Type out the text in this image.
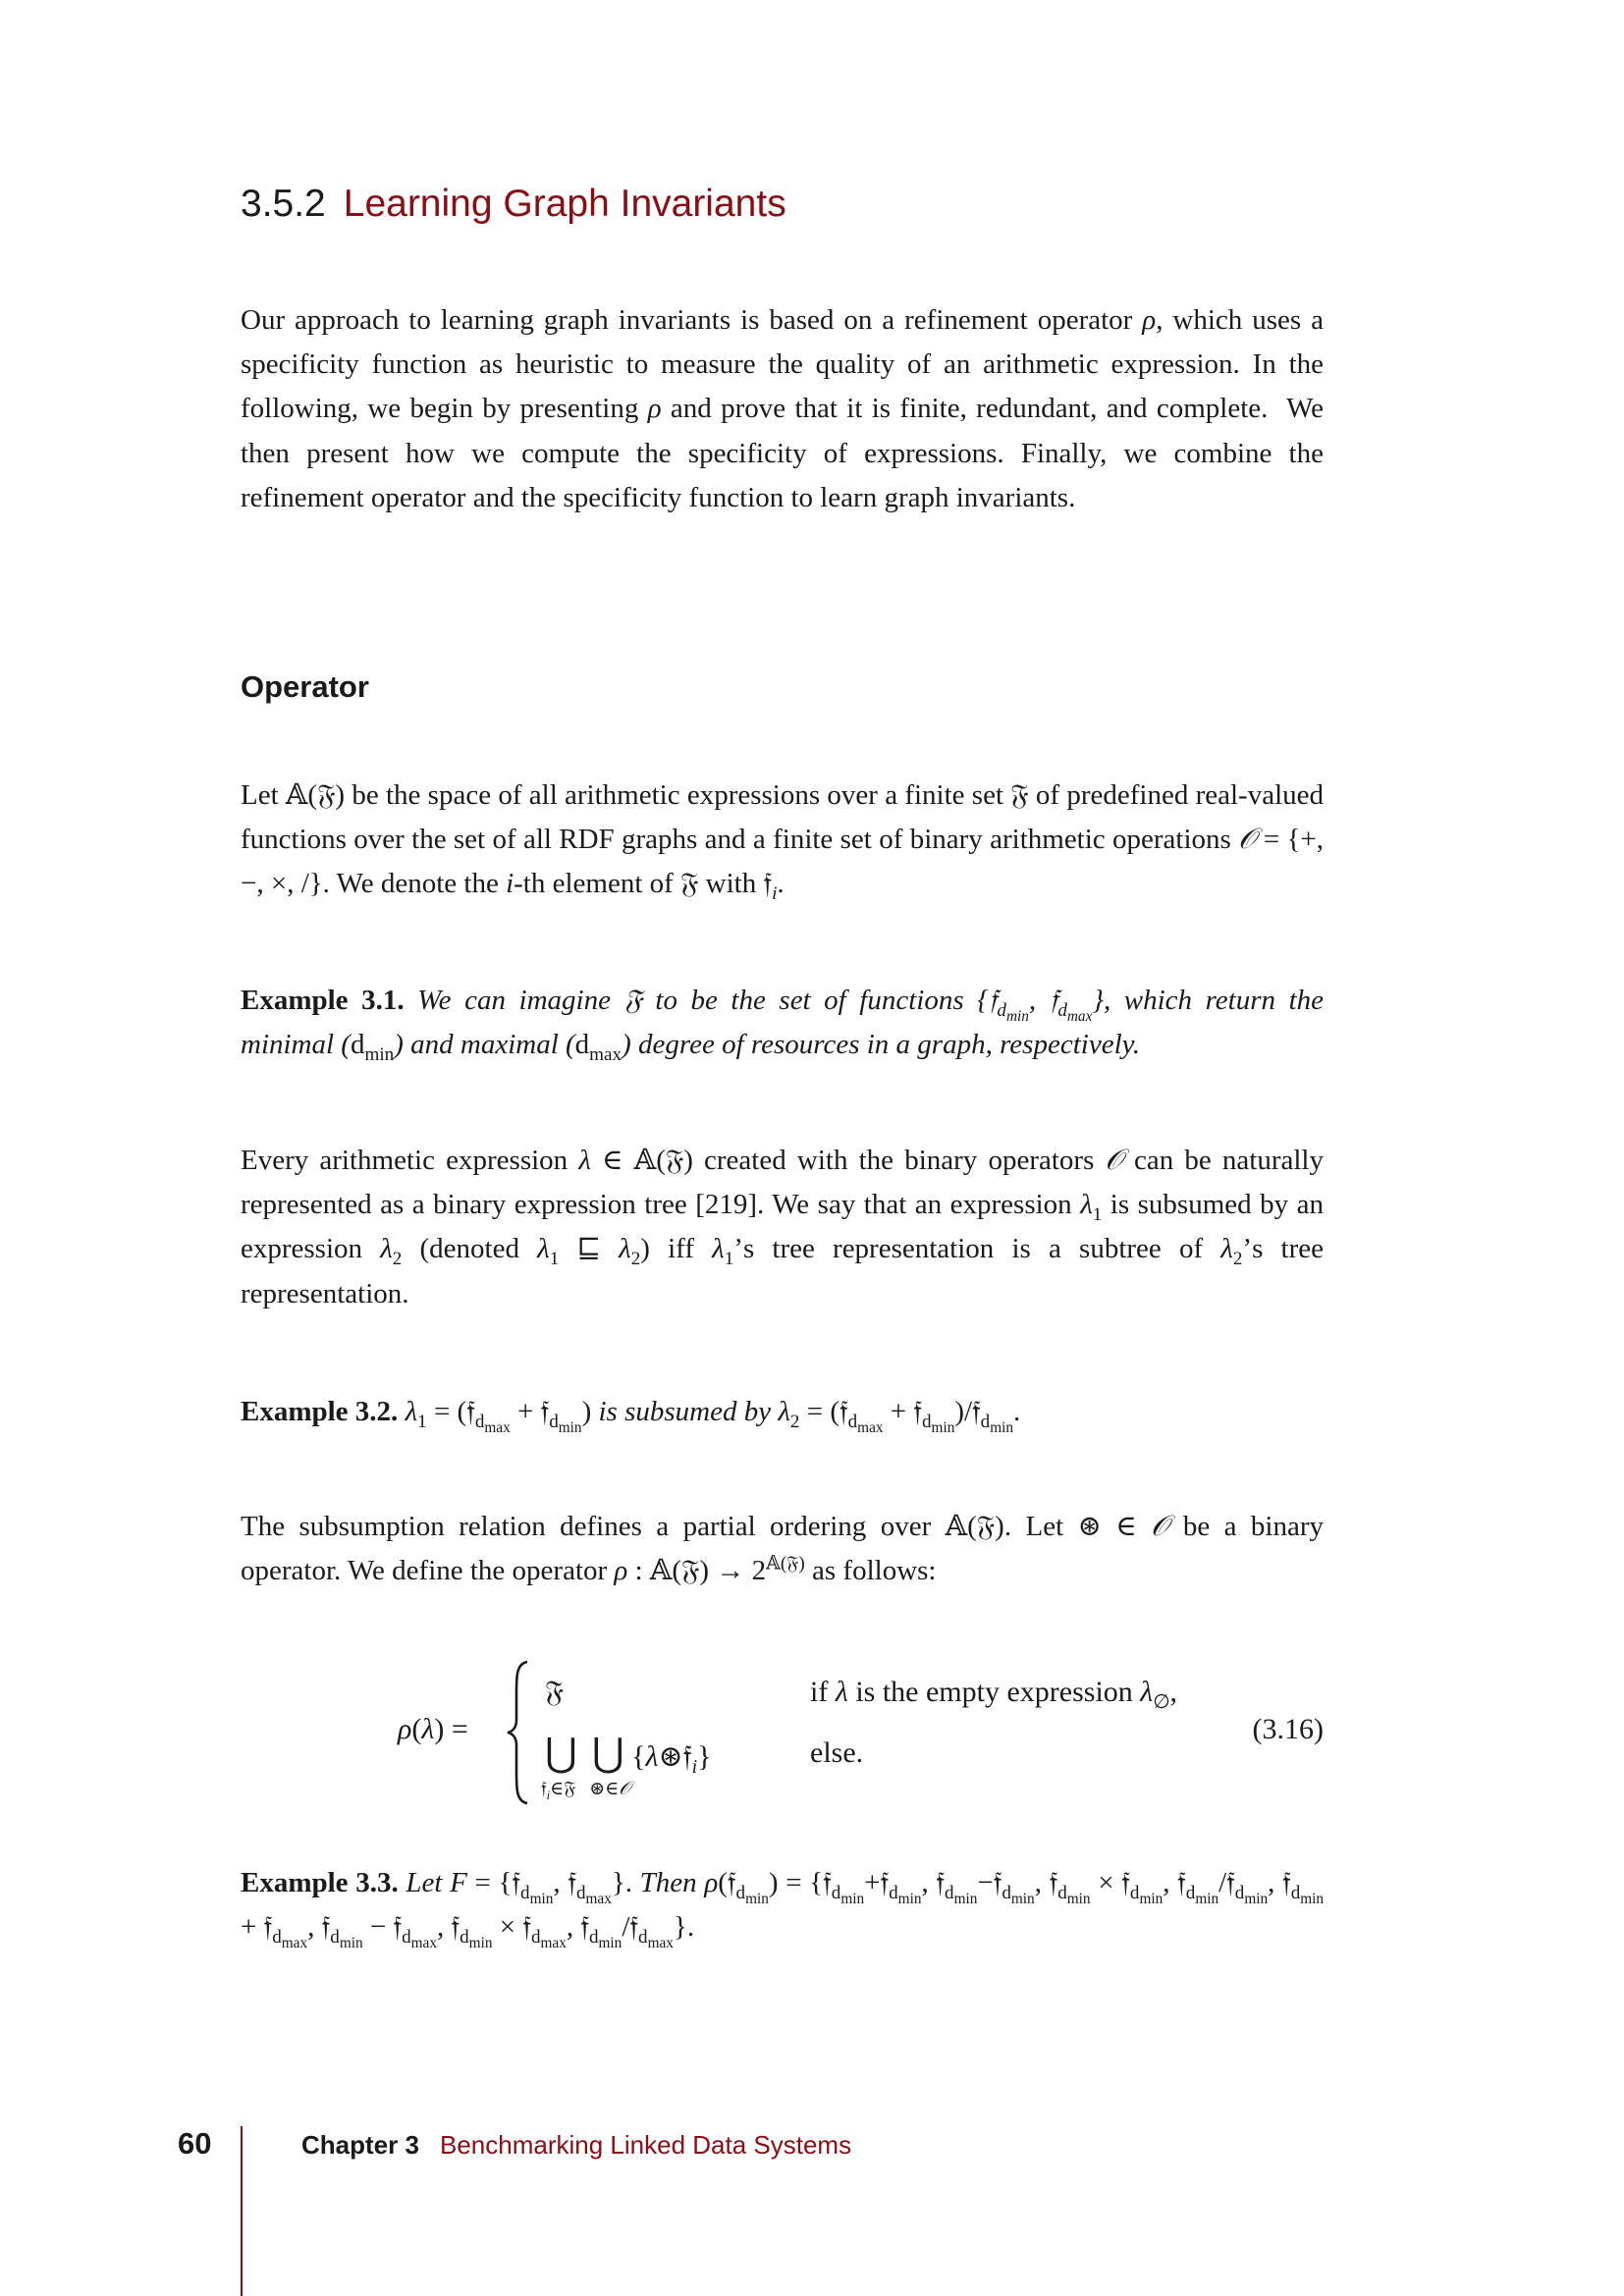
3.5.2 Learning Graph Invariants
Our approach to learning graph invariants is based on a refinement operator ρ, which uses a specificity function as heuristic to measure the quality of an arithmetic expression. In the following, we begin by presenting ρ and prove that it is finite, redundant, and complete.  We then present how we compute the specificity of expressions. Finally, we combine the refinement operator and the specificity function to learn graph invariants.
Operator
Let 𝔸(𝔉) be the space of all arithmetic expressions over a finite set 𝔉 of predefined real-valued functions over the set of all RDF graphs and a finite set of binary arithmetic operations 𝒪 = {+, −, ×, /}. We denote the i-th element of 𝔉 with 𝔣$_i$.
Example 3.1. We can imagine 𝔉 to be the set of functions {𝔣$_{d_{min}}$, 𝔣$_{d_{max}}$}, which return the minimal $(d_{min})$ and maximal $(d_{max})$ degree of resources in a graph, respectively.
Every arithmetic expression λ ∈ 𝔸(𝔉) created with the binary operators 𝒪 can be naturally represented as a binary expression tree [219]. We say that an expression $\lambda_1$ is subsumed by an expression $\lambda_2$ (denoted $\lambda_1$ ⊑ $\lambda_2$) iff $\lambda_1’s$ tree representation is a subtree of $\lambda_2’s$ tree representation.
Example 3.2. $\lambda_1$ = (𝔣$_{d_{max}}$ + 𝔣$_{d_{min}}$) is subsumed by $\lambda_2$ = (𝔣$_{d_{max}}$ + 𝔣$_{d_{min}}$)/𝔣$_{d_{min}}$.
The subsumption relation defines a partial ordering over 𝔸(𝔉). Let ⊛ ∈ 𝒪 be a binary operator. We define the operator ρ : 𝔸(𝔉) → $2^{𝔸(𝔉)}$ as follows:
ρ(λ) =
𝔉
⋃ ⋃ {λ⊛𝔣$_i$}
𝔣$_i$∈𝔉 ⊛∈𝒪
if λ is the empty expression $\lambda_\emptyset$,
else.
(3.16)
Example 3.3. Let F = {𝔣$_{d_{min}}$, 𝔣$_{d_{max}}$}. Then ρ(𝔣$_{d_{min}}$) = {𝔣$_{d_{min}}$+𝔣$_{d_{min}}$, 𝔣$_{d_{min}}$−𝔣$_{d_{min}}$, 𝔣$_{d_{min}}$ × 𝔣$_{d_{min}}$, 𝔣$_{d_{min}}$/𝔣$_{d_{min}}$, 𝔣$_{d_{min}}$ + 𝔣$_{d_{max}}$, 𝔣$_{d_{min}}$ − 𝔣$_{d_{max}}$, 𝔣$_{d_{min}}$ × 𝔣$_{d_{max}}$, 𝔣$_{d_{min}}$/𝔣$_{d_{max}}$}.
60	Chapter 3 Benchmarking Linked Data Systems
